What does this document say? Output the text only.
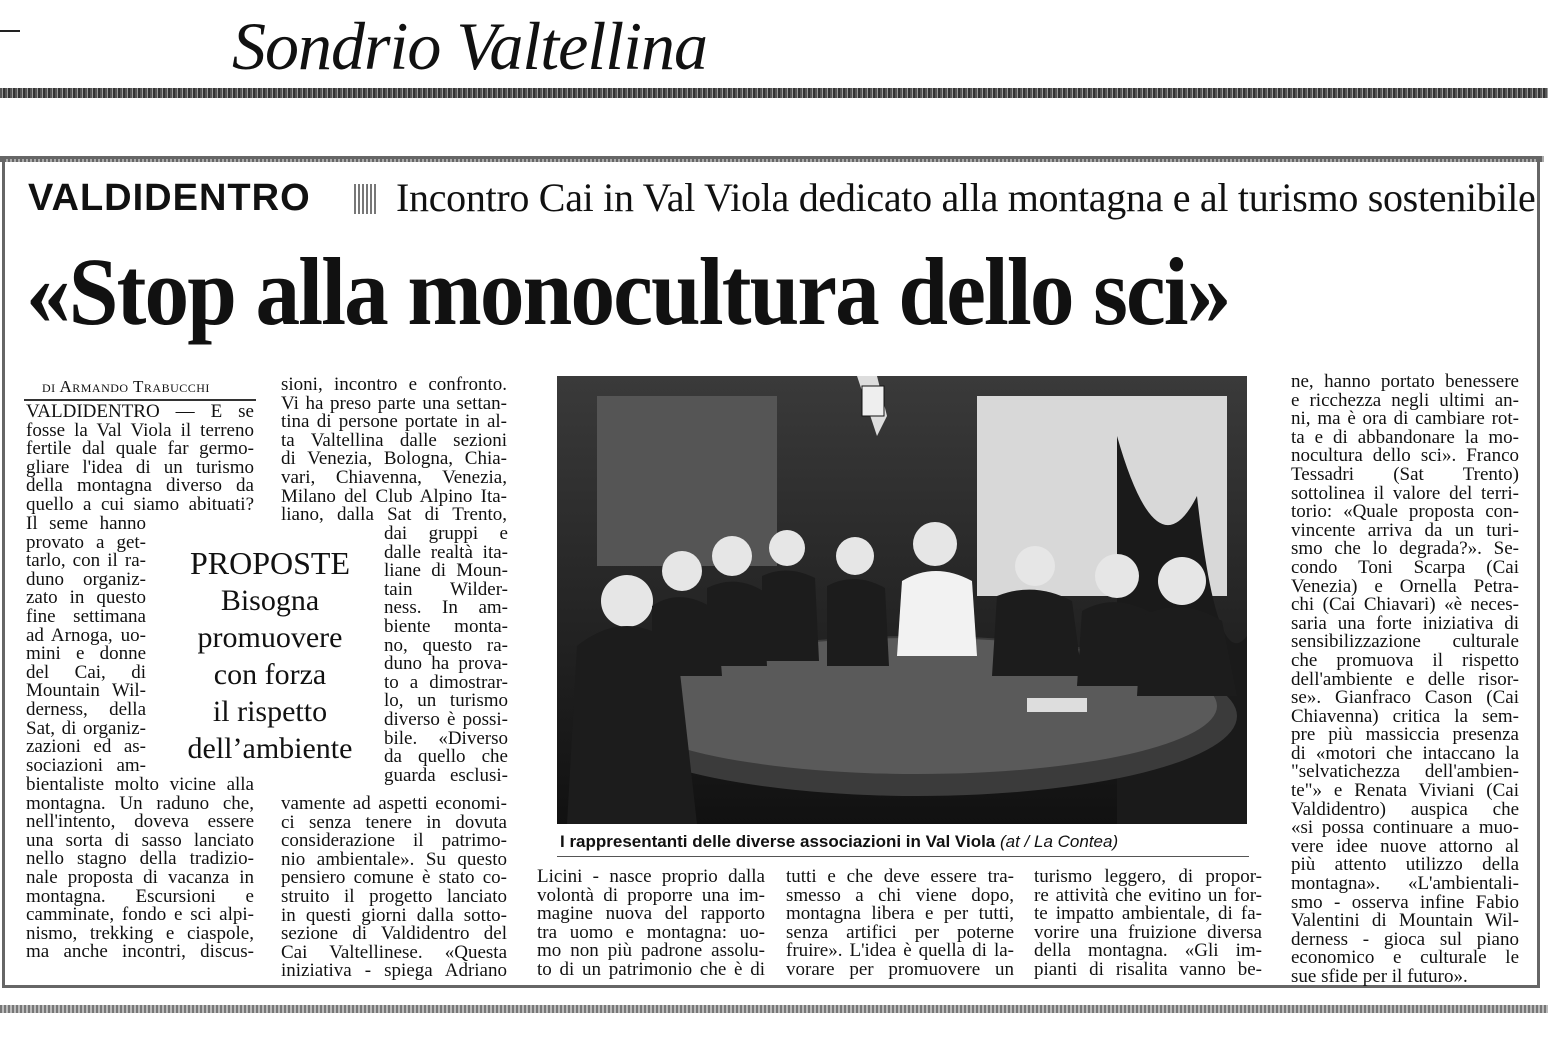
Sondrio Valtellina
VALDIDENTRO Incontro Cai in Val Viola dedicato alla montagna e al turismo sostenibile
«Stop alla monocultura dello sci»
di Armando Trabucchi
VALDIDENTRO — E se
fosse la Val Viola il terreno
fertile dal quale far germo-
gliare l'idea di un turismo
della montagna diverso da
quello a cui siamo abituati?
Il seme hanno
provato a get-
tarlo, con il ra-
duno organiz-
zato in questo
fine settimana
ad Arnoga, uo-
mini e donne
del Cai, di
Mountain Wil-
derness, della
Sat, di organiz-
zazioni ed as-
sociazioni am-
bientaliste molto vicine alla
montagna. Un raduno che,
nell'intento, doveva essere
una sorta di sasso lanciato
nello stagno della tradizio-
nale proposta di vacanza in
montagna. Escursioni e
camminate, fondo e sci alpi-
nismo, trekking e ciaspole,
ma anche incontri, discus-
PROPOSTE
Bisogna
promuovere
con forza
il rispetto
dell’ambiente
sioni, incontro e confronto.
Vi ha preso parte una settan-
tina di persone portate in al-
ta Valtellina dalle sezioni
di Venezia, Bologna, Chia-
vari, Chiavenna, Venezia,
Milano del Club Alpino Ita-
liano, dalla Sat di Trento,
dai gruppi e
dalle realtà ita-
liane di Moun-
tain Wilder-
ness. In am-
biente monta-
no, questo ra-
duno ha prova-
to a dimostrar-
lo, un turismo
diverso è possi-
bile. «Diverso
da quello che
guarda esclusi-
vamente ad aspetti economi-
ci senza tenere in dovuta
considerazione il patrimo-
nio ambientale». Su questo
pensiero comune è stato co-
struito il progetto lanciato
in questi giorni dalla sotto-
sezione di Valdidentro del
Cai Valtellinese. «Questa
iniziativa - spiega Adriano
I rappresentanti delle diverse associazioni in Val Viola (at / La Contea)
Licini - nasce proprio dalla
volontà di proporre una im-
magine nuova del rapporto
tra uomo e montagna: uo-
mo non più padrone assolu-
to di un patrimonio che è di
tutti e che deve essere tra-
smesso a chi viene dopo,
montagna libera e per tutti,
senza artifici per poterne
fruire». L'idea è quella di la-
vorare per promuovere un
turismo leggero, di propor-
re attività che evitino un for-
te impatto ambientale, di fa-
vorire una fruizione diversa
della montagna. «Gli im-
pianti di risalita vanno be-
ne, hanno portato benessere
e ricchezza negli ultimi an-
ni, ma è ora di cambiare rot-
ta e di abbandonare la mo-
nocultura dello sci». Franco
Tessadri (Sat Trento)
sottolinea il valore del terri-
torio: «Quale proposta con-
vincente arriva da un turi-
smo che lo degrada?». Se-
condo Toni Scarpa (Cai
Venezia) e Ornella Petra-
chi (Cai Chiavari) «è neces-
saria una forte iniziativa di
sensibilizzazione culturale
che promuova il rispetto
dell'ambiente e delle risor-
se». Gianfraco Cason (Cai
Chiavenna) critica la sem-
pre più massiccia presenza
di «motori che intaccano la
"selvatichezza dell'ambien-
te"» e Renata Viviani (Cai
Valdidentro) auspica che
«si possa continuare a muo-
vere idee nuove attorno al
più attento utilizzo della
montagna». «L'ambientali-
smo - osserva infine Fabio
Valentini di Mountain Wil-
derness - gioca sul piano
economico e culturale le
sue sfide per il futuro».
